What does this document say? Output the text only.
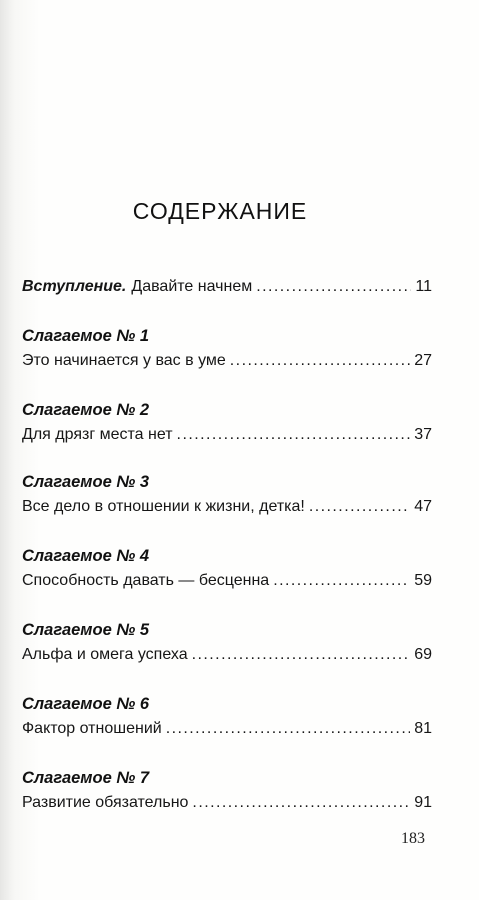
СОДЕРЖАНИЕ
Вступление. Давайте начнем . . .	11
Слагаемое № 1
Это начинается у вас в уме . . .	27
Слагаемое № 2
Для дрязг места нет . . .	37
Слагаемое № 3
Все дело в отношении к жизни, детка! . . .	47
Слагаемое № 4
Способность давать — бесценна . . .	59
Слагаемое № 5
Альфа и омега успеха . . .	69
Слагаемое № 6
Фактор отношений . . .	81
Слагаемое № 7
Развитие обязательно . . .	91
183
